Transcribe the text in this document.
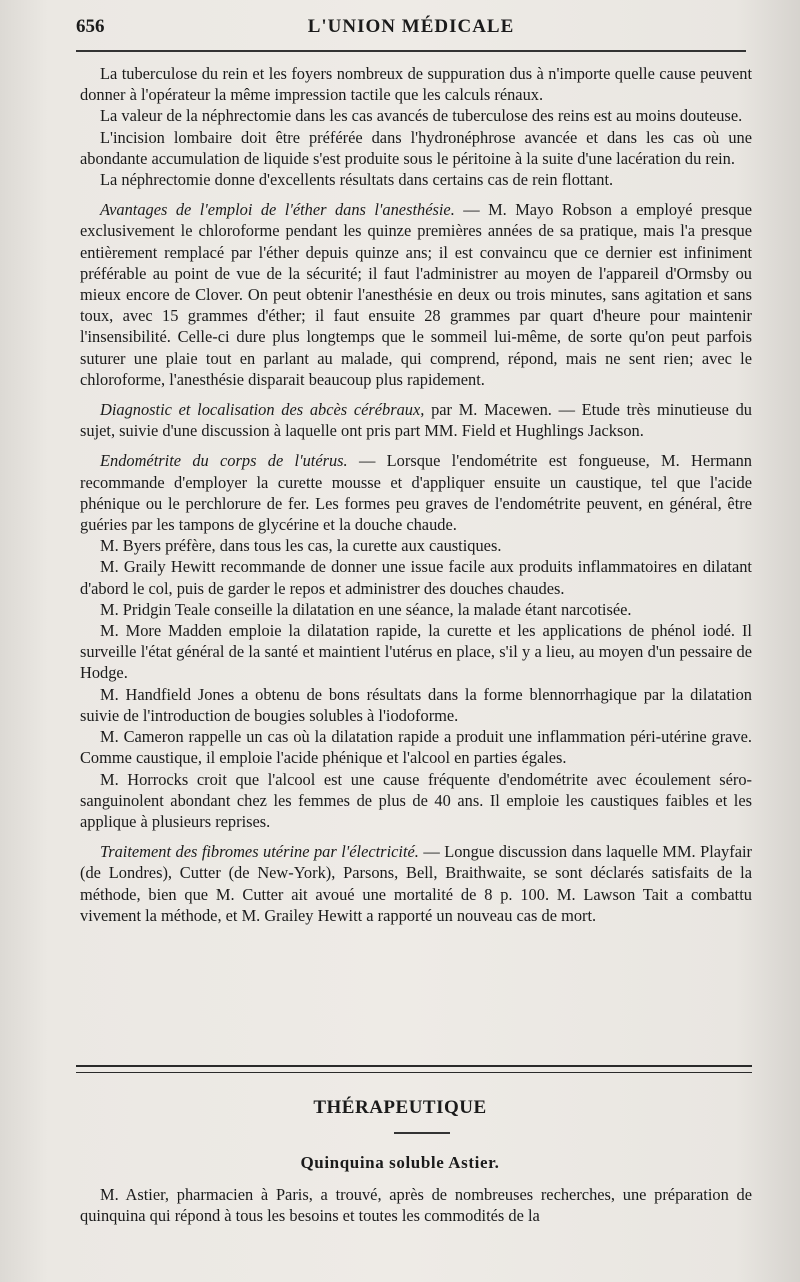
656	L'UNION MÉDICALE

La tuberculose du rein et les foyers nombreux de suppuration dus à n'importe quelle cause peuvent donner à l'opérateur la même impression tactile que les calculs rénaux.

La valeur de la néphrectomie dans les cas avancés de tuberculose des reins est au moins douteuse.

L'incision lombaire doit être préférée dans l'hydronéphrose avancée et dans les cas où une abondante accumulation de liquide s'est produite sous le péritoine à la suite d'une lacération du rein.

La néphrectomie donne d'excellents résultats dans certains cas de rein flottant.

Avantages de l'emploi de l'éther dans l'anesthésie. — M. Mayo Robson a employé presque exclusivement le chloroforme pendant les quinze premières années de sa pratique, mais l'a presque entièrement remplacé par l'éther depuis quinze ans; il est convaincu que ce dernier est infiniment préférable au point de vue de la sécurité; il faut l'administrer au moyen de l'appareil d'Ormsby ou mieux encore de Clover. On peut obtenir l'anesthésie en deux ou trois minutes, sans agitation et sans toux, avec 15 grammes d'éther; il faut ensuite 28 grammes par quart d'heure pour maintenir l'insensibilité. Celle-ci dure plus longtemps que le sommeil lui-même, de sorte qu'on peut parfois suturer une plaie tout en parlant au malade, qui comprend, répond, mais ne sent rien; avec le chloroforme, l'anesthésie disparait beaucoup plus rapidement.

Diagnostic et localisation des abcès cérébraux, par M. Macewen. — Etude très minutieuse du sujet, suivie d'une discussion à laquelle ont pris part MM. Field et Hughlings Jackson.

Endométrite du corps de l'utérus. — Lorsque l'endométrite est fongueuse, M. Hermann recommande d'employer la curette mousse et d'appliquer ensuite un caustique, tel que l'acide phénique ou le perchlorure de fer. Les formes peu graves de l'endométrite peuvent, en général, être guéries par les tampons de glycérine et la douche chaude.

M. Byers préfère, dans tous les cas, la curette aux caustiques.

M. Graily Hewitt recommande de donner une issue facile aux produits inflammatoires en dilatant d'abord le col, puis de garder le repos et administrer des douches chaudes.

M. Pridgin Teale conseille la dilatation en une séance, la malade étant narcotisée.

M. More Madden emploie la dilatation rapide, la curette et les applications de phénol iodé. Il surveille l'état général de la santé et maintient l'utérus en place, s'il y a lieu, au moyen d'un pessaire de Hodge.

M. Handfield Jones a obtenu de bons résultats dans la forme blennorrhagique par la dilatation suivie de l'introduction de bougies solubles à l'iodoforme.

M. Cameron rappelle un cas où la dilatation rapide a produit une inflammation péri-utérine grave. Comme caustique, il emploie l'acide phénique et l'alcool en parties égales.

M. Horrocks croit que l'alcool est une cause fréquente d'endométrite avec écoulement séro-sanguinolent abondant chez les femmes de plus de 40 ans. Il emploie les caustiques faibles et les applique à plusieurs reprises.

Traitement des fibromes utérine par l'électricité. — Longue discussion dans laquelle MM. Playfair (de Londres), Cutter (de New-York), Parsons, Bell, Braithwaite, se sont déclarés satisfaits de la méthode, bien que M. Cutter ait avoué une mortalité de 8 p. 100. M. Lawson Tait a combattu vivement la méthode, et M. Grailey Hewitt a rapporté un nouveau cas de mort.

THÉRAPEUTIQUE
Quinquina soluble Astier.

M. Astier, pharmacien à Paris, a trouvé, après de nombreuses recherches, une préparation de quinquina qui répond à tous les besoins et toutes les commodités de la
